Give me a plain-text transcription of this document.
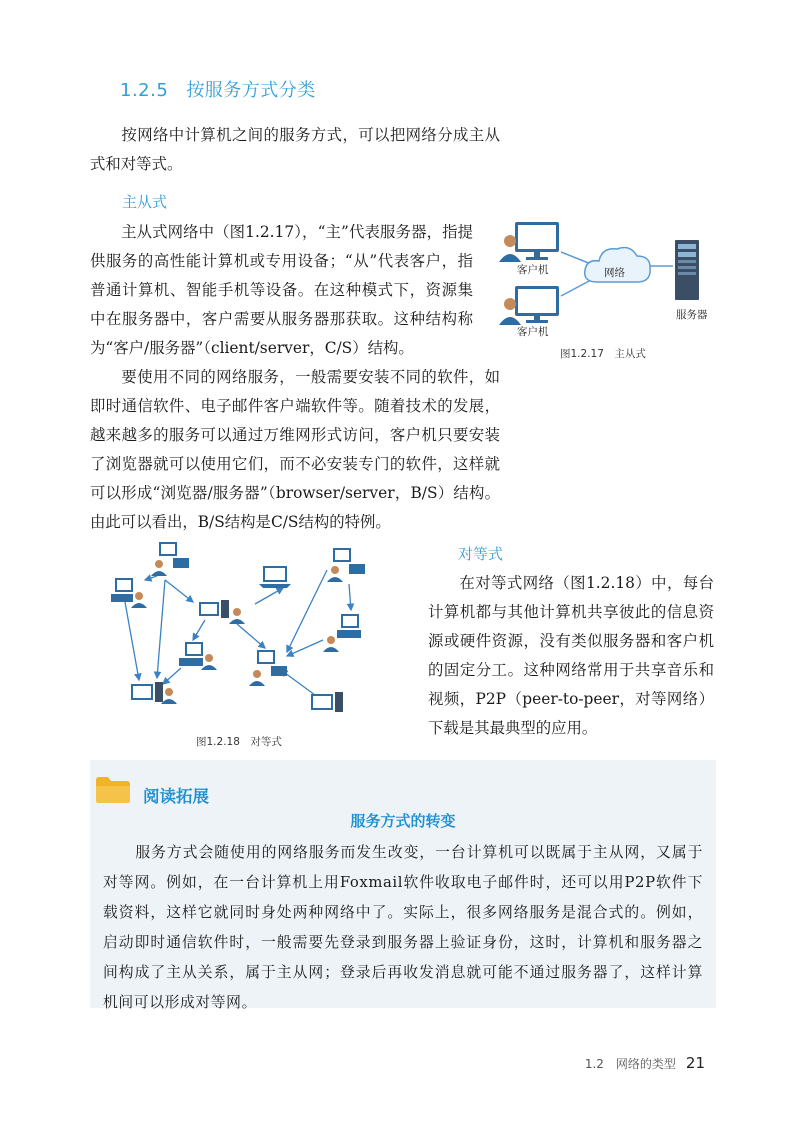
1.2.5 按服务方式分类
按网络中计算机之间的服务方式，可以把网络分成主从式和对等式。
主从式
主从式网络中（图1.2.17），“主”代表服务器，指提供服务的高性能计算机或专用设备；“从”代表客户，指普通计算机、智能手机等设备。在这种模式下，资源集中在服务器中，客户需要从服务器那获取。这种结构称为“客户/服务器”（client/server，C/S）结构。
要使用不同的网络服务，一般需要安装不同的软件，如即时通信软件、电子邮件客户端软件等。随着技术的发展，越来越多的服务可以通过万维网形式访问，客户机只要安装了浏览器就可以使用它们，而不必安装专门的软件，这样就可以形成“浏览器/服务器”（browser/server，B/S）结构。由此可以看出，B/S结构是C/S结构的特例。
客户机
客户机
网络
服务器
图1.2.17　主从式
图1.2.18　对等式
对等式
在对等式网络（图1.2.18）中，每台计算机都与其他计算机共享彼此的信息资源或硬件资源，没有类似服务器和客户机的固定分工。这种网络常用于共享音乐和视频，P2P（peer-to-peer，对等网络）下载是其最典型的应用。
阅读拓展
服务方式的转变
服务方式会随使用的网络服务而发生改变，一台计算机可以既属于主从网，又属于对等网。例如，在一台计算机上用Foxmail软件收取电子邮件时，还可以用P2P软件下载资料，这样它就同时身处两种网络中了。实际上，很多网络服务是混合式的。例如，启动即时通信软件时，一般需要先登录到服务器上验证身份，这时，计算机和服务器之间构成了主从关系，属于主从网；登录后再收发消息就可能不通过服务器了，这样计算机间可以形成对等网。
1.2　网络的类型 21
